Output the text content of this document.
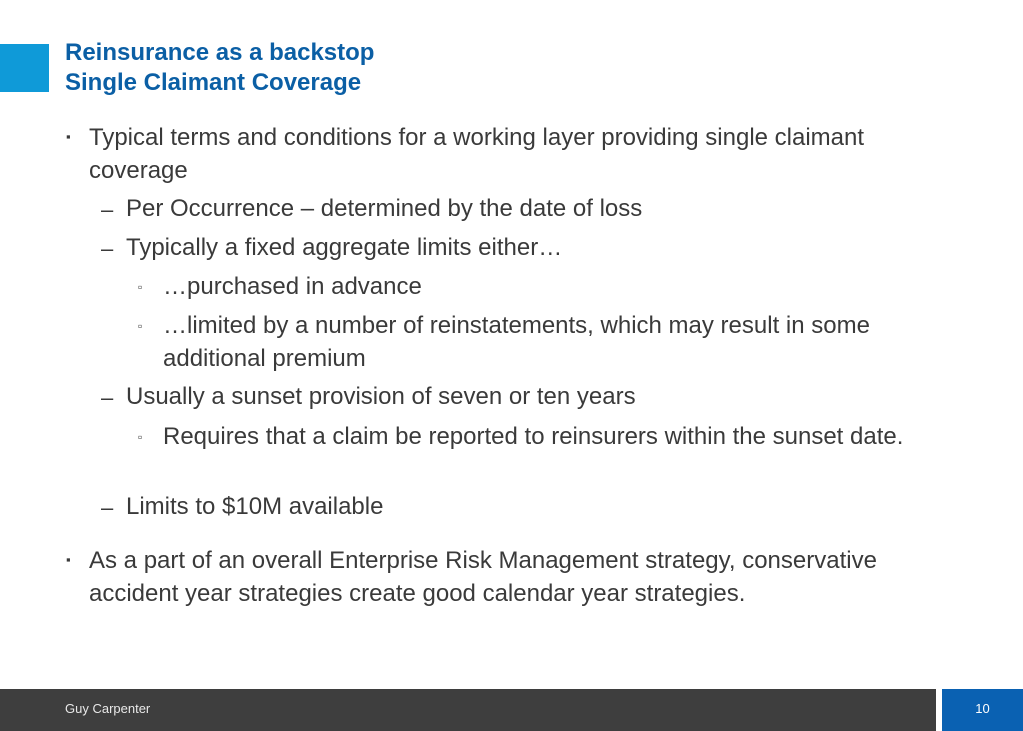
Reinsurance as a backstop
Single Claimant Coverage
▪ Typical terms and conditions for a working layer providing single claimant coverage
– Per Occurrence – determined by the date of loss
– Typically a fixed aggregate limits either…
▫ …purchased in advance
▫ …limited by a number of reinstatements, which may result in some additional premium
– Usually a sunset provision of seven or ten years
▫ Requires that a claim be reported to reinsurers within the sunset date.
– Limits to $10M available
▪ As a part of an overall Enterprise Risk Management strategy, conservative accident year strategies create good calendar year strategies.
Guy Carpenter	10
